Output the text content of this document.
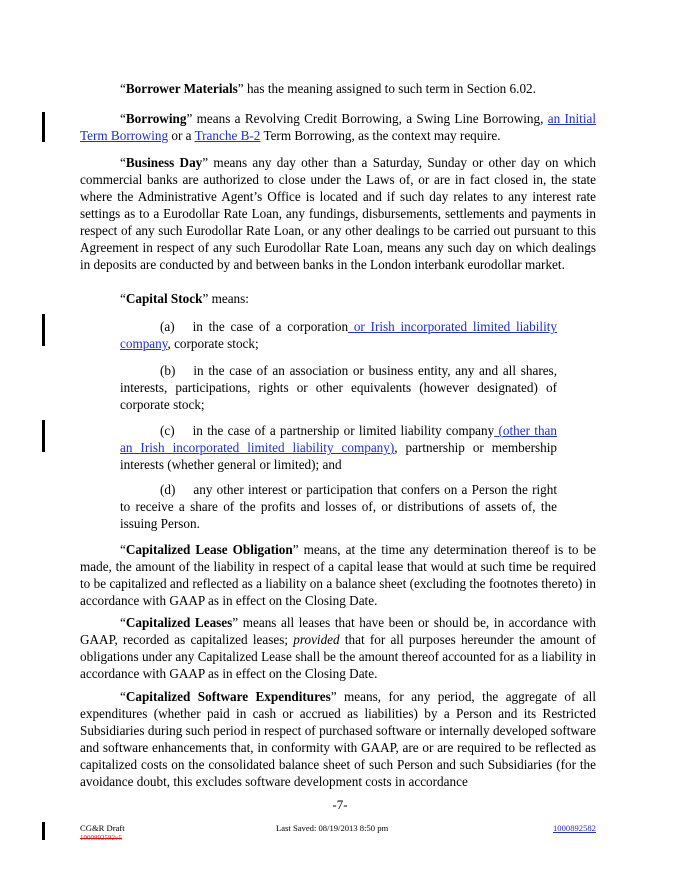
“Borrower Materials” has the meaning assigned to such term in Section 6.02.

“Borrowing” means a Revolving Credit Borrowing, a Swing Line Borrowing, an Initial Term Borrowing or a Tranche B-2 Term Borrowing, as the context may require.

“Business Day” means any day other than a Saturday, Sunday or other day on which commercial banks are authorized to close under the Laws of, or are in fact closed in, the state where the Administrative Agent’s Office is located and if such day relates to any interest rate settings as to a Eurodollar Rate Loan, any fundings, disbursements, settlements and payments in respect of any such Eurodollar Rate Loan, or any other dealings to be carried out pursuant to this Agreement in respect of any such Eurodollar Rate Loan, means any such day on which dealings in deposits are conducted by and between banks in the London interbank eurodollar market.

“Capital Stock” means:

(a) in the case of a corporation or Irish incorporated limited liability company, corporate stock;

(b) in the case of an association or business entity, any and all shares, interests, participations, rights or other equivalents (however designated) of corporate stock;

(c) in the case of a partnership or limited liability company (other than an Irish incorporated limited liability company), partnership or membership interests (whether general or limited); and

(d) any other interest or participation that confers on a Person the right to receive a share of the profits and losses of, or distributions of assets of, the issuing Person.

“Capitalized Lease Obligation” means, at the time any determination thereof is to be made, the amount of the liability in respect of a capital lease that would at such time be required to be capitalized and reflected as a liability on a balance sheet (excluding the footnotes thereto) in accordance with GAAP as in effect on the Closing Date.

“Capitalized Leases” means all leases that have been or should be, in accordance with GAAP, recorded as capitalized leases; provided that for all purposes hereunder the amount of obligations under any Capitalized Lease shall be the amount thereof accounted for as a liability in accordance with GAAP as in effect on the Closing Date.

“Capitalized Software Expenditures” means, for any period, the aggregate of all expenditures (whether paid in cash or accrued as liabilities) by a Person and its Restricted Subsidiaries during such period in respect of purchased software or internally developed software and software enhancements that, in conformity with GAAP, are or are required to be reflected as capitalized costs on the consolidated balance sheet of such Person and such Subsidiaries (for the avoidance doubt, this excludes software development costs in accordance

-7-
CG&R Draft
1000892582v5
Last Saved: 08/19/2013 8:50 pm	1000892582
